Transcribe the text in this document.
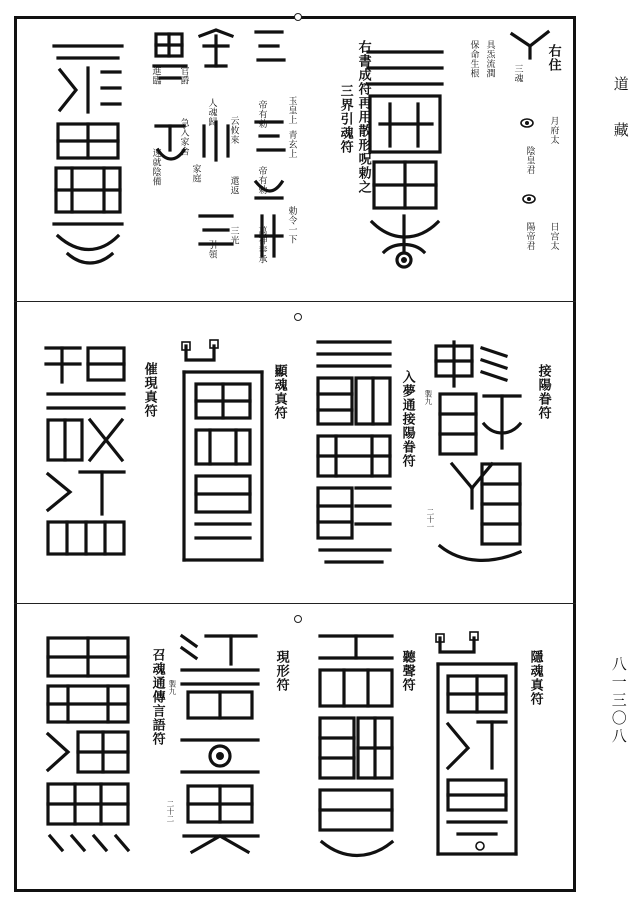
道　藏
八一三〇八
右住
三魂
具炁流潤
保命生根
月府太
陰皇君
日宫太
陽帝君
右書成符再用散形呪勅之
三界引魂符
玉皇上
青玄上
勅令一下
帝有勅
帝有勅
萬神奉承
云攸來
還返
三光
引領
人魂歸
家庭
官爵
急入家舍
進臨
速就陰備
接陽眷符
入夢通接陽眷符 製九
二十一
顯魂真符
催現真符
隱魂真符
聽聲符
現形符
召魂通傳言語符 製九
二十二
